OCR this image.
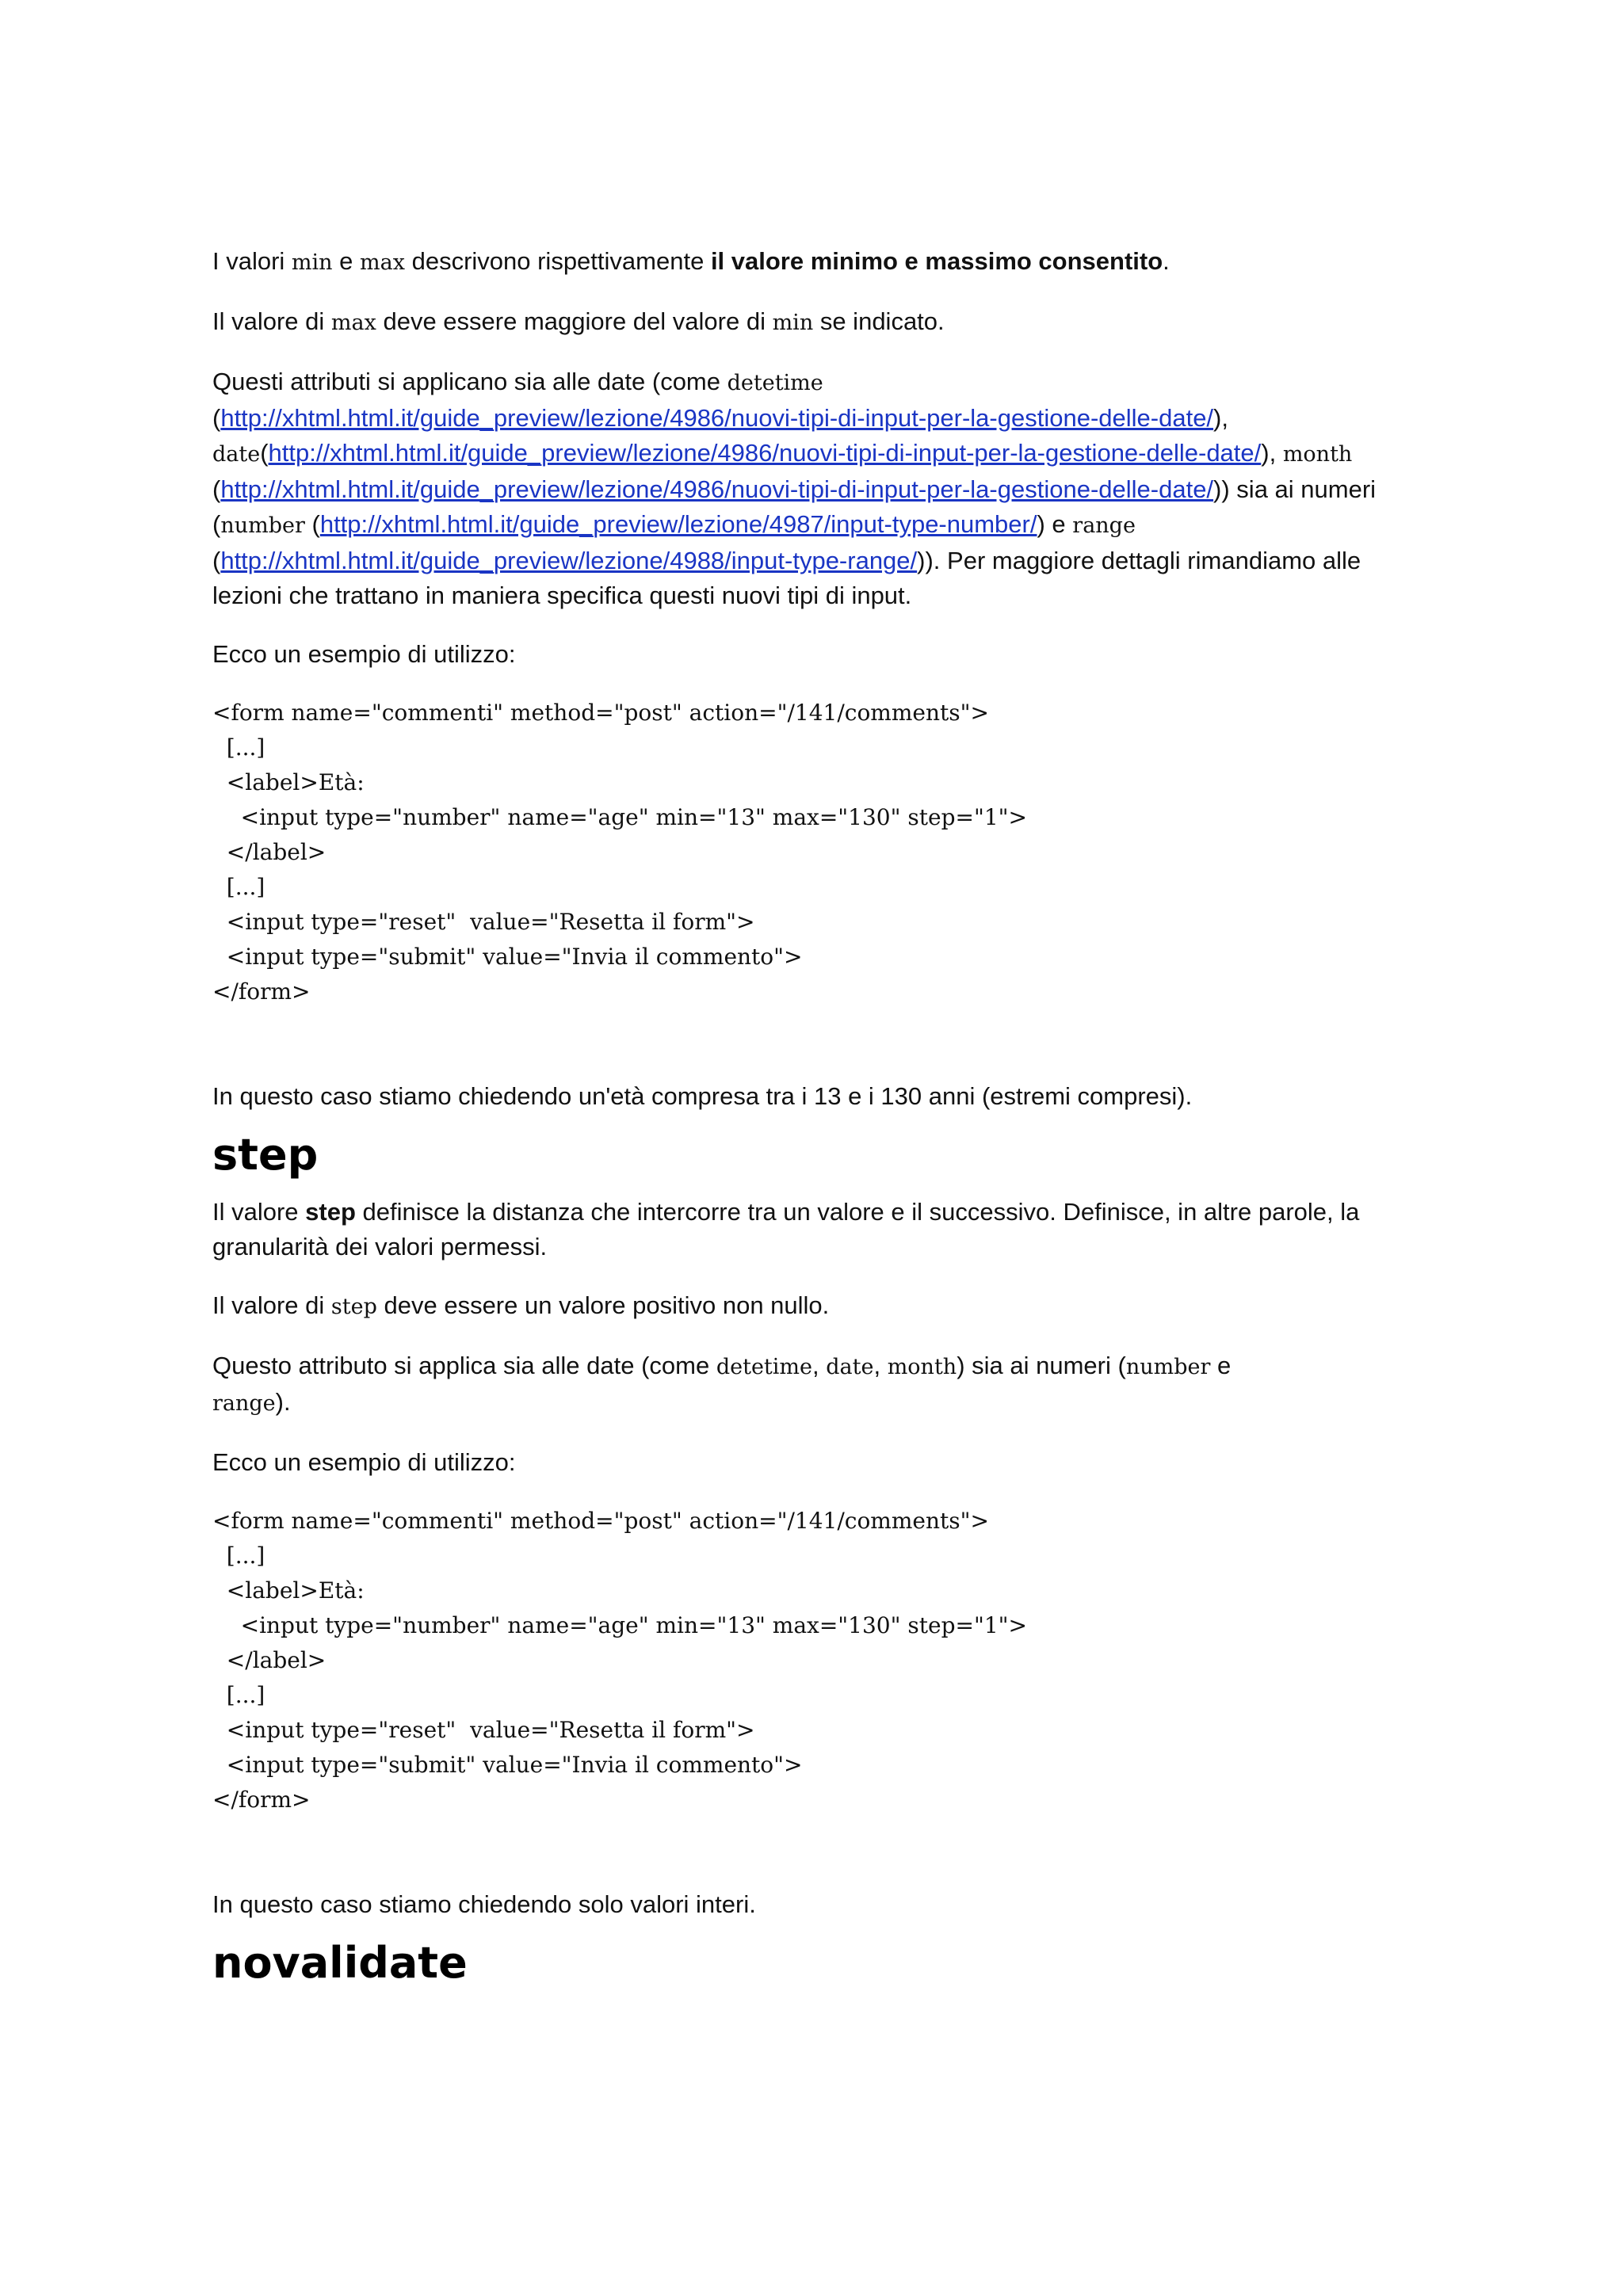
I valori min e max descrivono rispettivamente il valore minimo e massimo consentito.

Il valore di max deve essere maggiore del valore di min se indicato.

Questi attributi si applicano sia alle date (come detetime
(http://xhtml.html.it/guide_preview/lezione/4986/nuovi-tipi-di-input-per-la-gestione-delle-date/),
date(http://xhtml.html.it/guide_preview/lezione/4986/nuovi-tipi-di-input-per-la-gestione-delle-date/), month (http://xhtml.html.it/guide_preview/lezione/4986/nuovi-tipi-di-input-per-la-gestione-delle-date/)) sia ai numeri (number (http://xhtml.html.it/guide_preview/lezione/4987/input-type-number/) e range (http://xhtml.html.it/guide_preview/lezione/4988/input-type-range/)). Per maggiore dettagli rimandiamo alle lezioni che trattano in maniera specifica questi nuovi tipi di input.

Ecco un esempio di utilizzo:

<form name="commenti" method="post" action="/141/comments">
[...]
<label>Età:
<input type="number" name="age" min="13" max="130" step="1">
</label>
[...]
<input type="reset"  value="Resetta il form">
<input type="submit" value="Invia il commento">
</form>

In questo caso stiamo chiedendo un'età compresa tra i 13 e i 130 anni (estremi compresi).

step

Il valore step definisce la distanza che intercorre tra un valore e il successivo. Definisce, in altre parole, la granularità dei valori permessi.

Il valore di step deve essere un valore positivo non nullo.

Questo attributo si applica sia alle date (come detetime, date, month) sia ai numeri (number e
range).

Ecco un esempio di utilizzo:

<form name="commenti" method="post" action="/141/comments">
[...]
<label>Età:
<input type="number" name="age" min="13" max="130" step="1">
</label>
[...]
<input type="reset"  value="Resetta il form">
<input type="submit" value="Invia il commento">
</form>

In questo caso stiamo chiedendo solo valori interi.

novalidate
